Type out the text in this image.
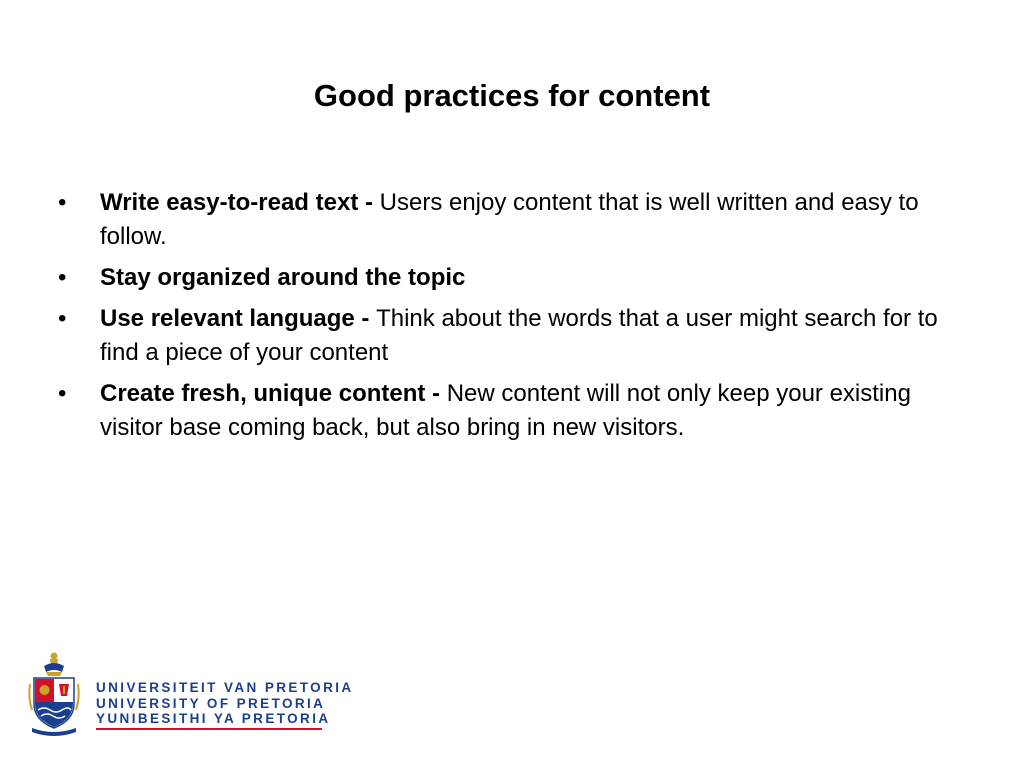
Good practices for content
•	Write easy-to-read text - Users enjoy content that is well written and easy to follow.
•	Stay organized around the topic
•	Use relevant language - Think about the words that a user might search for to find a piece of your content
•	Create fresh, unique content - New content will not only keep your existing visitor base coming back, but also bring in new visitors.
UNIVERSITEIT VAN PRETORIA
UNIVERSITY OF PRETORIA
YUNIBESITHI YA PRETORIA
